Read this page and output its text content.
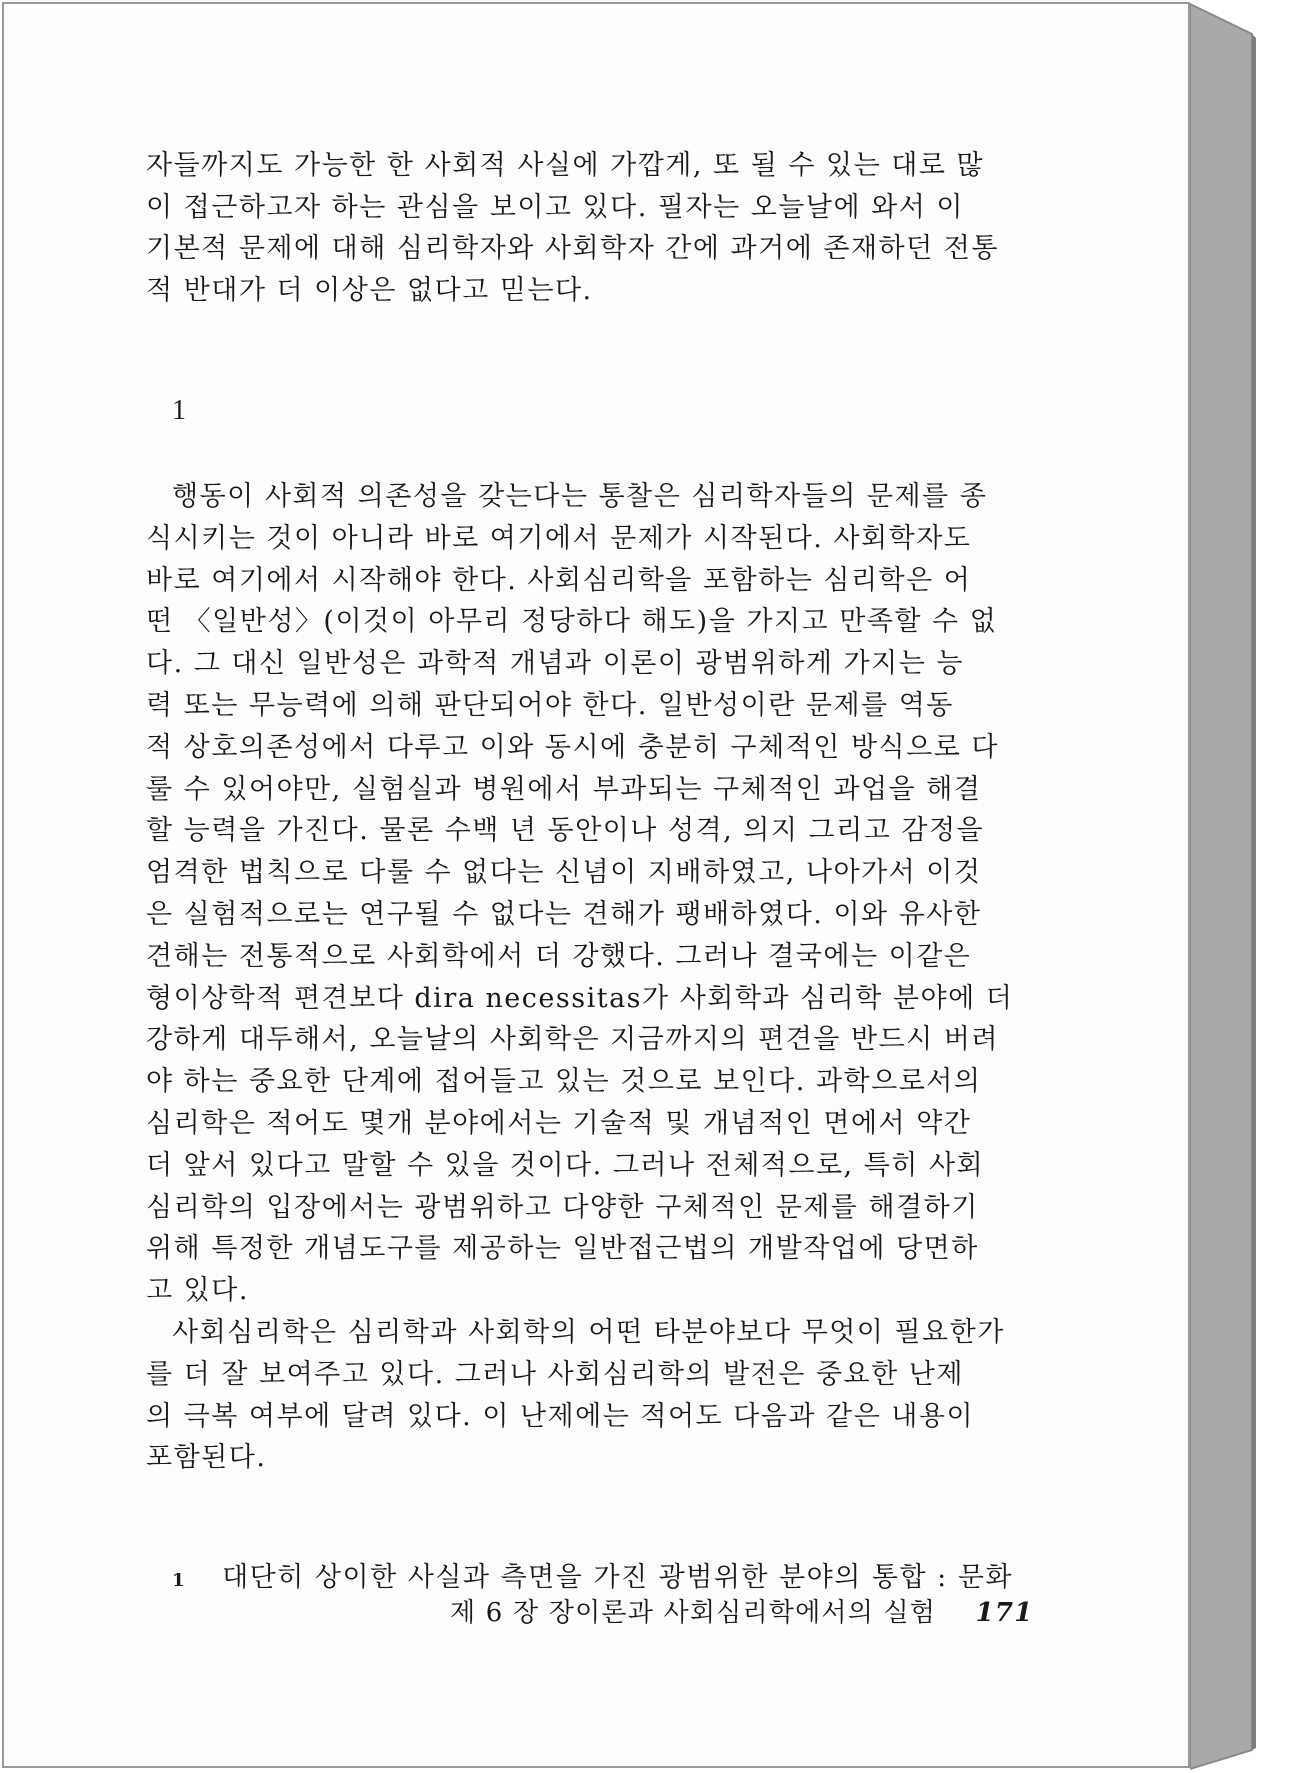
자들까지도 가능한 한 사회적 사실에 가깝게, 또 될 수 있는 대로 많
이 접근하고자 하는 관심을 보이고 있다. 필자는 오늘날에 와서 이
기본적 문제에 대해 심리학자와 사회학자 간에 과거에 존재하던 전통
적 반대가 더 이상은 없다고 믿는다.
1
행동이 사회적 의존성을 갖는다는 통찰은 심리학자들의 문제를 종
식시키는 것이 아니라 바로 여기에서 문제가 시작된다. 사회학자도
바로 여기에서 시작해야 한다. 사회심리학을 포함하는 심리학은 어
떤 〈일반성〉(이것이 아무리 정당하다 해도)을 가지고 만족할 수 없
다. 그 대신 일반성은 과학적 개념과 이론이 광범위하게 가지는 능
력 또는 무능력에 의해 판단되어야 한다. 일반성이란 문제를 역동
적 상호의존성에서 다루고 이와 동시에 충분히 구체적인 방식으로 다
룰 수 있어야만, 실험실과 병원에서 부과되는 구체적인 과업을 해결
할 능력을 가진다. 물론 수백 년 동안이나 성격, 의지 그리고 감정을
엄격한 법칙으로 다룰 수 없다는 신념이 지배하였고, 나아가서 이것
은 실험적으로는 연구될 수 없다는 견해가 팽배하였다. 이와 유사한
견해는 전통적으로 사회학에서 더 강했다. 그러나 결국에는 이같은
형이상학적 편견보다 dira necessitas가 사회학과 심리학 분야에 더
강하게 대두해서, 오늘날의 사회학은 지금까지의 편견을 반드시 버려
야 하는 중요한 단계에 접어들고 있는 것으로 보인다. 과학으로서의
심리학은 적어도 몇개 분야에서는 기술적 및 개념적인 면에서 약간
더 앞서 있다고 말할 수 있을 것이다. 그러나 전체적으로, 특히 사회
심리학의 입장에서는 광범위하고 다양한 구체적인 문제를 해결하기
위해 특정한 개념도구를 제공하는 일반접근법의 개발작업에 당면하
고 있다.
사회심리학은 심리학과 사회학의 어떤 타분야보다 무엇이 필요한가
를 더 잘 보여주고 있다. 그러나 사회심리학의 발전은 중요한 난제
의 극복 여부에 달려 있다. 이 난제에는 적어도 다음과 같은 내용이
포함된다.
1 대단히 상이한 사실과 측면을 가진 광범위한 분야의 통합 : 문화
제 6 장 장이론과 사회심리학에서의 실험 171
